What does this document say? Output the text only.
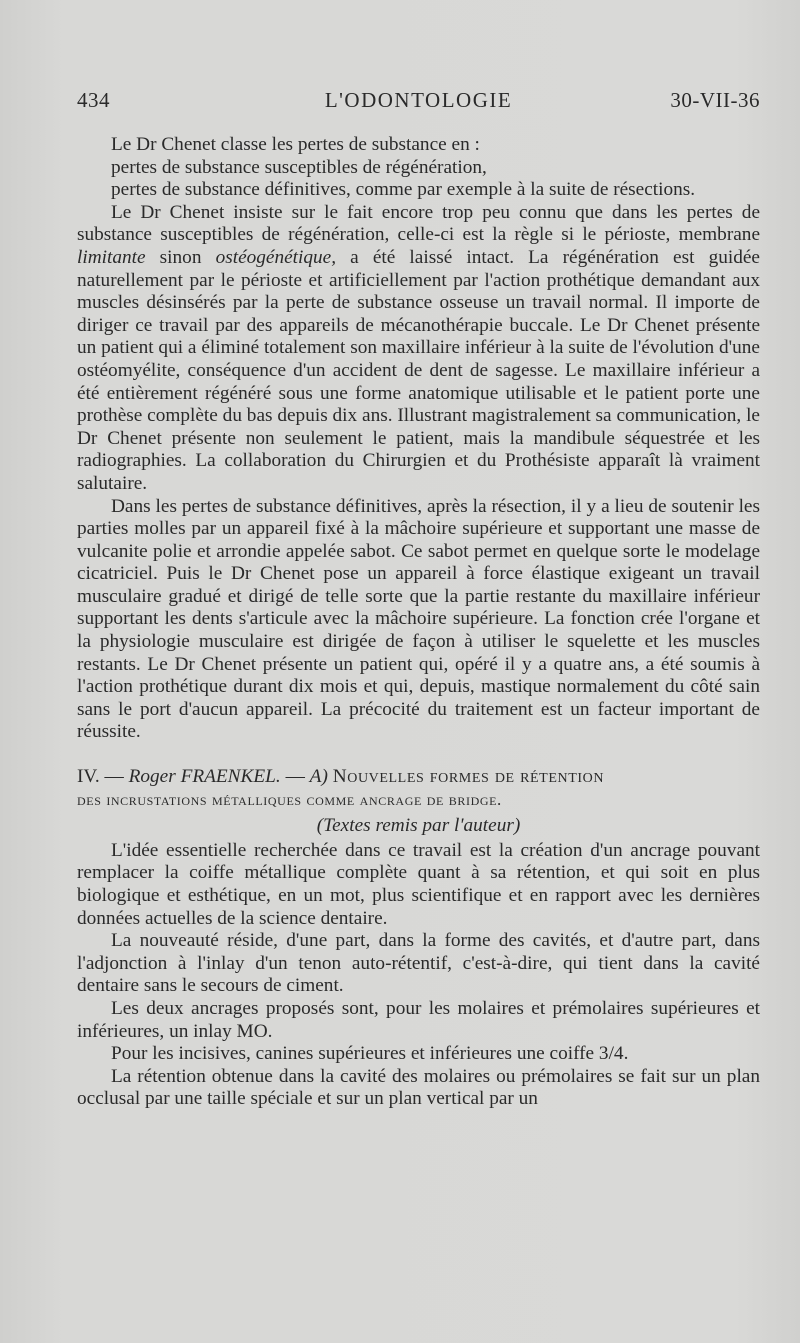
434	L'ODONTOLOGIE	30-VII-36

Le Dr Chenet classe les pertes de substance en :

pertes de substance susceptibles de régénération,

pertes de substance définitives, comme par exemple à la suite de résections.

Le Dr Chenet insiste sur le fait encore trop peu connu que dans les pertes de substance susceptibles de régénération, celle-ci est la règle si le périoste, membrane limitante sinon ostéogénétique, a été laissé intact. La régénération est guidée naturellement par le périoste et artificiellement par l'action prothétique demandant aux muscles désinsérés par la perte de substance osseuse un travail normal. Il importe de diriger ce travail par des appareils de mécanothérapie buccale. Le Dr Chenet présente un patient qui a éliminé totalement son maxillaire inférieur à la suite de l'évolution d'une ostéomyélite, conséquence d'un accident de dent de sagesse. Le maxillaire inférieur a été entièrement régénéré sous une forme anatomique utilisable et le patient porte une prothèse complète du bas depuis dix ans. Illustrant magistralement sa communication, le Dr Chenet présente non seulement le patient, mais la mandibule séquestrée et les radiographies. La collaboration du Chirurgien et du Prothésiste apparaît là vraiment salutaire.

Dans les pertes de substance définitives, après la résection, il y a lieu de soutenir les parties molles par un appareil fixé à la mâchoire supérieure et supportant une masse de vulcanite polie et arrondie appelée sabot. Ce sabot permet en quelque sorte le modelage cicatriciel. Puis le Dr Chenet pose un appareil à force élastique exigeant un travail musculaire gradué et dirigé de telle sorte que la partie restante du maxillaire inférieur supportant les dents s'articule avec la mâchoire supérieure. La fonction crée l'organe et la physiologie musculaire est dirigée de façon à utiliser le squelette et les muscles restants. Le Dr Chenet présente un patient qui, opéré il y a quatre ans, a été soumis à l'action prothétique durant dix mois et qui, depuis, mastique normalement du côté sain sans le port d'aucun appareil. La précocité du traitement est un facteur important de réussite.

IV. — Roger FRAENKEL. — A) Nouvelles formes de rétention
des incrustations métalliques comme ancrage de bridge.
(Textes remis par l'auteur)

L'idée essentielle recherchée dans ce travail est la création d'un ancrage pouvant remplacer la coiffe métallique complète quant à sa rétention, et qui soit en plus biologique et esthétique, en un mot, plus scientifique et en rapport avec les dernières données actuelles de la science dentaire.

La nouveauté réside, d'une part, dans la forme des cavités, et d'autre part, dans l'adjonction à l'inlay d'un tenon auto-rétentif, c'est-à-dire, qui tient dans la cavité dentaire sans le secours de ciment.

Les deux ancrages proposés sont, pour les molaires et prémolaires supérieures et inférieures, un inlay MO.

Pour les incisives, canines supérieures et inférieures une coiffe 3/4.

La rétention obtenue dans la cavité des molaires ou prémolaires se fait sur un plan occlusal par une taille spéciale et sur un plan vertical par un
